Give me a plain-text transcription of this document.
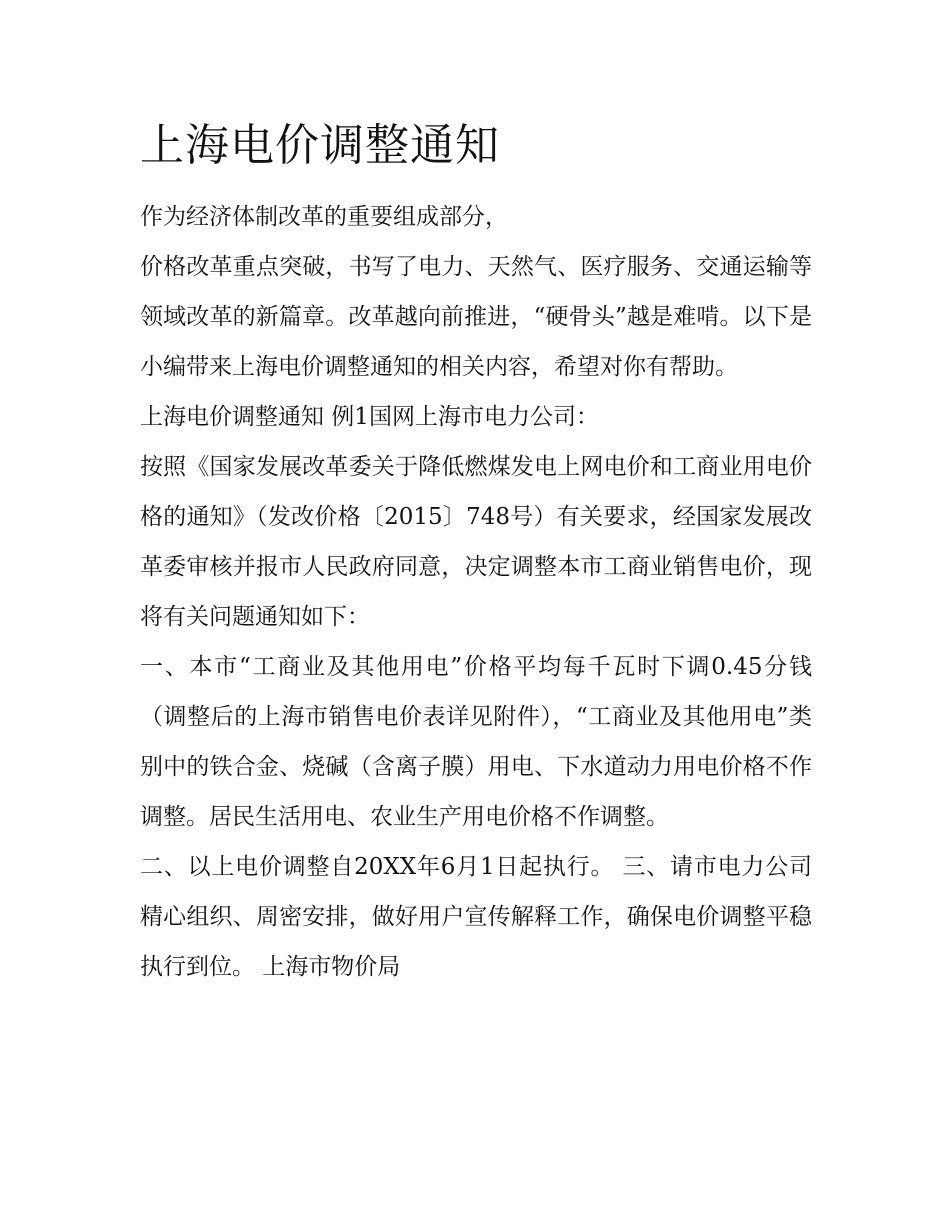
上海电价调整通知

作为经济体制改革的重要组成部分，

价格改革重点突破，书写了电力、天然气、医疗服务、交通运输等领域改革的新篇章。改革越向前推进，“硬骨头”越是难啃。以下是小编带来上海电价调整通知的相关内容，希望对你有帮助。

上海电价调整通知 例1国网上海市电力公司：

按照《国家发展改革委关于降低燃煤发电上网电价和工商业用电价格的通知》（发改价格〔2015〕748号）有关要求，经国家发展改革委审核并报市人民政府同意，决定调整本市工商业销售电价，现将有关问题通知如下：

一、本市“工商业及其他用电”价格平均每千瓦时下调0.45分钱（调整后的上海市销售电价表详见附件），“工商业及其他用电”类别中的铁合金、烧碱（含离子膜）用电、下水道动力用电价格不作调整。居民生活用电、农业生产用电价格不作调整。

二、以上电价调整自20XX年6月1日起执行。 三、请市电力公司精心组织、周密安排，做好用户宣传解释工作，确保电价调整平稳执行到位。 上海市物价局
